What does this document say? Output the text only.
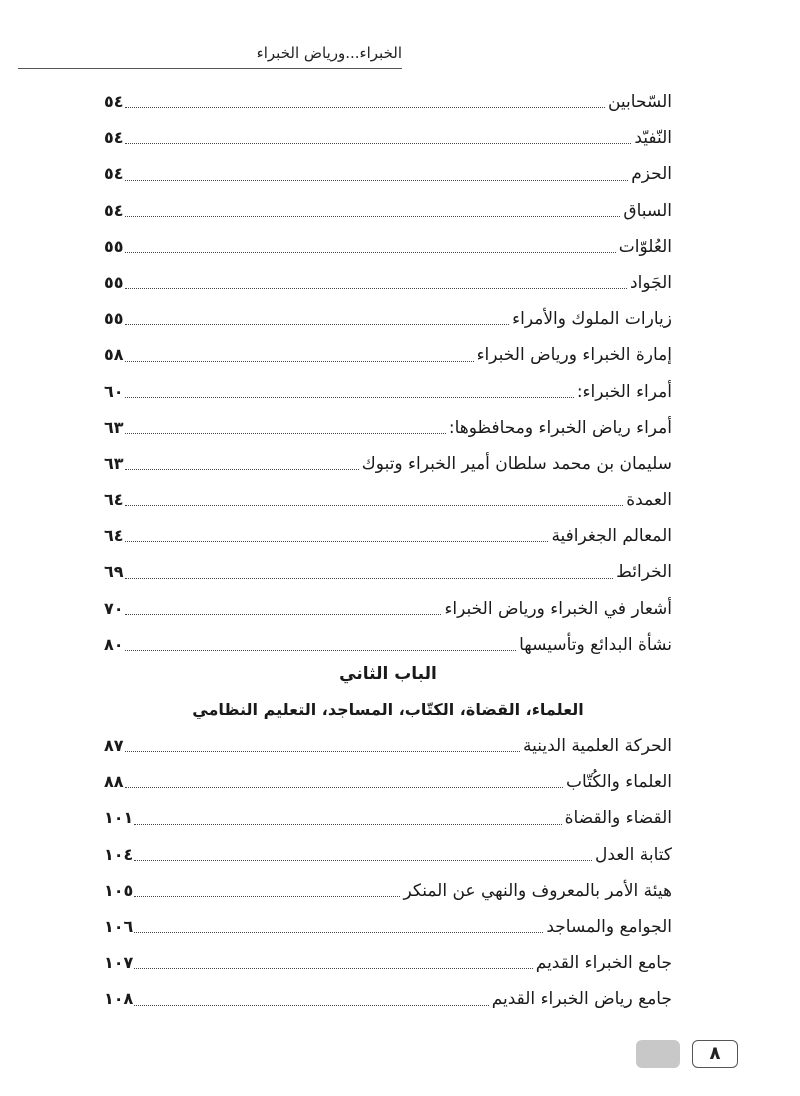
الخبراء...ورياض الخبراء
السّحابين
٥٤
النّفيّد
٥٤
الحزم
٥٤
السباق
٥٤
العُلوّات
٥٥
الجَواد
٥٥
زيارات الملوك والأمراء
٥٥
إمارة الخبراء ورياض الخبراء
٥٨
أمراء الخبراء:
٦٠
أمراء رياض الخبراء ومحافظوها:
٦٣
سليمان بن محمد سلطان أمير الخبراء وتبوك
٦٣
العمدة
٦٤
المعالم الجغرافية
٦٤
الخرائط
٦٩
أشعار في الخبراء ورياض الخبراء
٧٠
نشأة البدائع وتأسيسها
٨٠
الباب الثاني
العلماء، القضاة، الكتّاب، المساجد، التعليم النظامي
الحركة العلمية الدينية
٨٧
العلماء والكُتّاب
٨٨
القضاء والقضاة
١٠١
كتابة العدل
١٠٤
هيئة الأمر بالمعروف والنهي عن المنكر
١٠٥
الجوامع والمساجد
١٠٦
جامع الخبراء القديم
١٠٧
جامع رياض الخبراء القديم
١٠٨
٨
